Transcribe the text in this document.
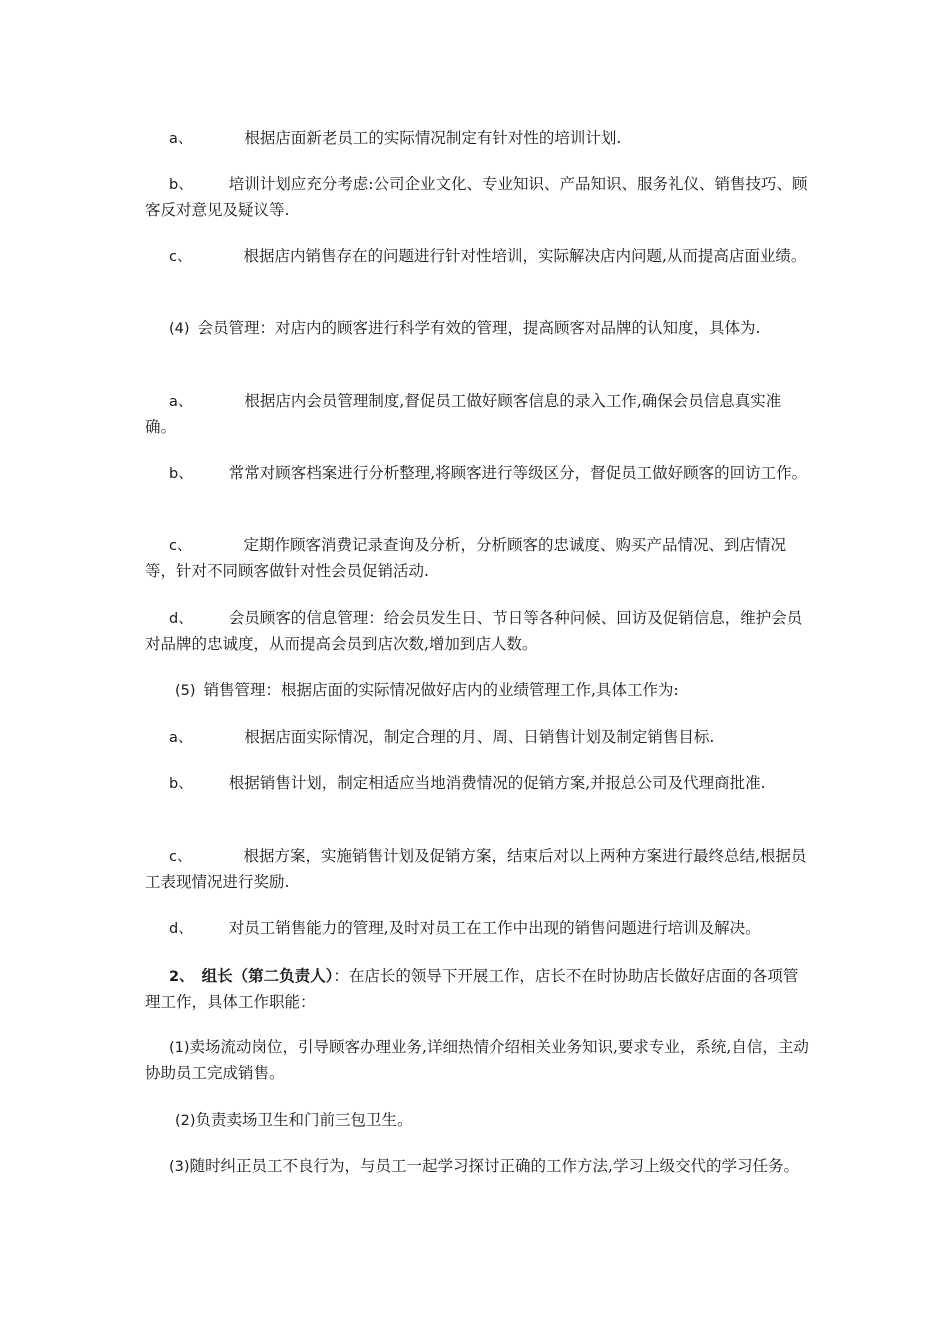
a、	根据店面新老员工的实际情况制定有针对性的培训计划.

b、 培训计划应充分考虑:公司企业文化、专业知识、产品知识、服务礼仪、销售技巧、顾客反对意见及疑议等.

c、	根据店内销售存在的问题进行针对性培训，实际解决店内问题,从而提高店面业绩。

(4) 会员管理：对店内的顾客进行科学有效的管理，提高顾客对品牌的认知度，具体为.

a、	根据店内会员管理制度,督促员工做好顾客信息的录入工作,确保会员信息真实准确。

b、 常常对顾客档案进行分析整理,将顾客进行等级区分，督促员工做好顾客的回访工作。

c、	定期作顾客消费记录查询及分析，分析顾客的忠诚度、购买产品情况、到店情况等，针对不同顾客做针对性会员促销活动.

d、 会员顾客的信息管理：给会员发生日、节日等各种问候、回访及促销信息，维护会员对品牌的忠诚度，从而提高会员到店次数,增加到店人数。

(5) 销售管理：根据店面的实际情况做好店内的业绩管理工作,具体工作为:

a、	根据店面实际情况，制定合理的月、周、日销售计划及制定销售目标.

b、 根据销售计划，制定相适应当地消费情况的促销方案,并报总公司及代理商批准.

c、	根据方案，实施销售计划及促销方案，结束后对以上两种方案进行最终总结,根据员工表现情况进行奖励.

d、 对员工销售能力的管理,及时对员工在工作中出现的销售问题进行培训及解决。

2、 组长（第二负责人）：在店长的领导下开展工作，店长不在时协助店长做好店面的各项管理工作，具体工作职能：

(1)卖场流动岗位，引导顾客办理业务,详细热情介绍相关业务知识,要求专业，系统,自信，主动协助员工完成销售。

(2)负责卖场卫生和门前三包卫生。

(3)随时纠正员工不良行为，与员工一起学习探讨正确的工作方法,学习上级交代的学习任务。
